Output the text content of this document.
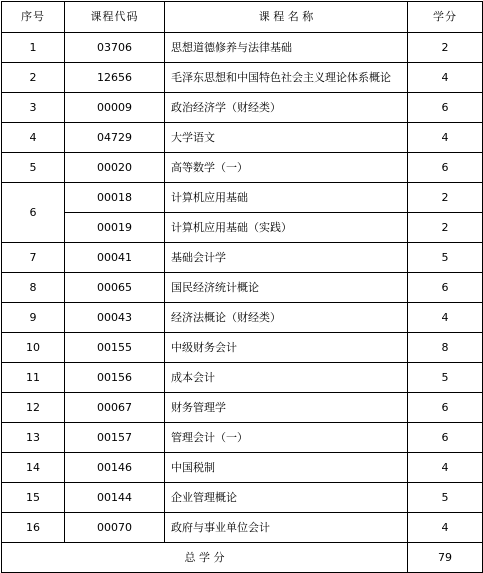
序号	课程代码	课 程 名 称	学分
1	03706	思想道德修养与法律基础	2
2	12656	毛泽东思想和中国特色社会主义理论体系概论	4
3	00009	政治经济学（财经类）	6
4	04729	大学语文	4
5	00020	高等数学（一）	6
6	00018	计算机应用基础	2
	00019	计算机应用基础（实践）	2
7	00041	基础会计学	5
8	00065	国民经济统计概论	6
9	00043	经济法概论（财经类）	4
10	00155	中级财务会计	8
11	00156	成本会计	5
12	00067	财务管理学	6
13	00157	管理会计（一）	6
14	00146	中国税制	4
15	00144	企业管理概论	5
16	00070	政府与事业单位会计	4
总 学 分			79
